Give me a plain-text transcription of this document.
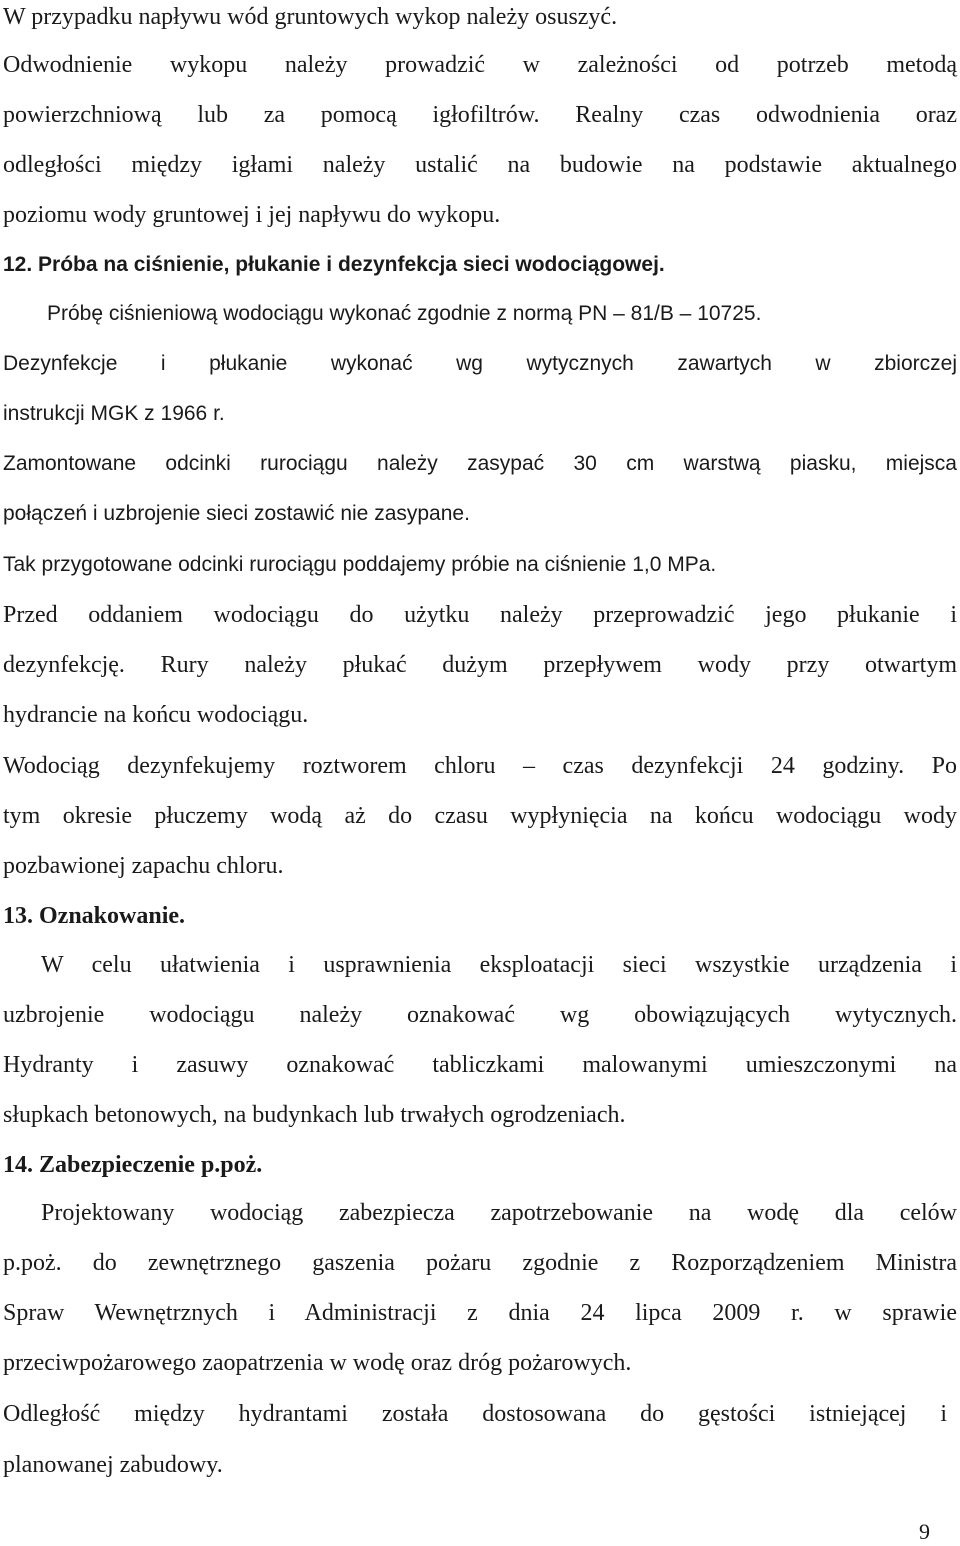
W przypadku napływu wód gruntowych wykop należy osuszyć.
Odwodnienie wykopu należy prowadzić w zależności od potrzeb metodą
powierzchniową lub za pomocą igłofiltrów. Realny czas odwodnienia oraz
odległości między igłami należy ustalić na budowie na podstawie aktualnego
poziomu wody gruntowej i jej napływu do wykopu.
12. Próba na ciśnienie, płukanie i dezynfekcja sieci wodociągowej.
Próbę ciśnieniową wodociągu wykonać zgodnie z normą PN – 81/B – 10725.
Dezynfekcje i płukanie wykonać wg wytycznych zawartych w zbiorczej
instrukcji MGK z 1966 r.
Zamontowane odcinki rurociągu należy zasypać 30 cm warstwą piasku, miejsca
połączeń i uzbrojenie sieci zostawić nie zasypane.
Tak przygotowane odcinki rurociągu poddajemy próbie na ciśnienie 1,0 MPa.
Przed oddaniem wodociągu do użytku należy przeprowadzić jego płukanie i
dezynfekcję. Rury należy płukać dużym przepływem wody przy otwartym
hydrancie na końcu wodociągu.
Wodociąg dezynfekujemy roztworem chloru – czas dezynfekcji 24 godziny. Po
tym okresie płuczemy wodą aż do czasu wypłynięcia na końcu wodociągu wody
pozbawionej zapachu chloru.
13. Oznakowanie.
W celu ułatwienia i usprawnienia eksploatacji sieci wszystkie urządzenia i
uzbrojenie wodociągu należy oznakować wg obowiązujących wytycznych.
Hydranty i zasuwy oznakować tabliczkami malowanymi umieszczonymi na
słupkach betonowych, na budynkach lub trwałych ogrodzeniach.
14. Zabezpieczenie p.poż.
Projektowany wodociąg zabezpiecza zapotrzebowanie na wodę dla celów
p.poż. do zewnętrznego gaszenia pożaru zgodnie z Rozporządzeniem Ministra
Spraw Wewnętrznych i Administracji z dnia 24 lipca 2009 r. w sprawie
przeciwpożarowego zaopatrzenia w wodę oraz dróg pożarowych.
Odległość między hydrantami została dostosowana do gęstości istniejącej i
planowanej zabudowy.
9
